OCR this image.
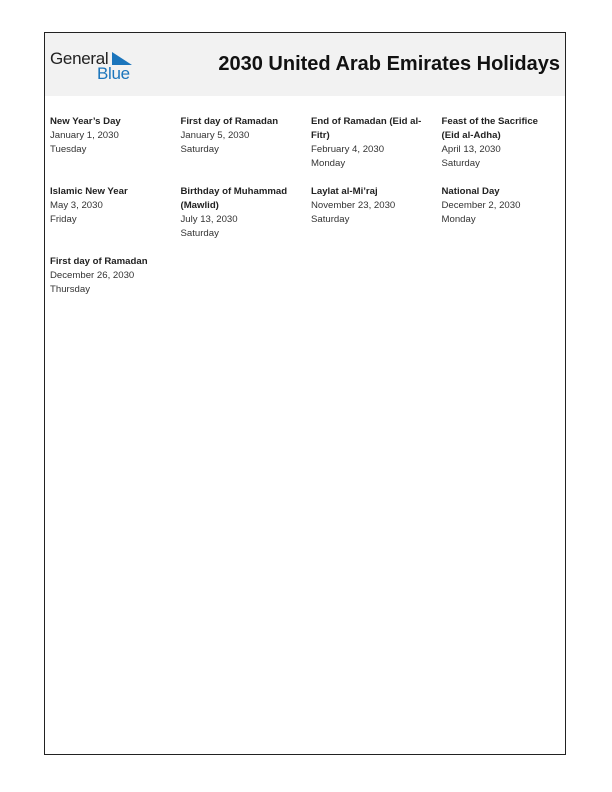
General
Blue	2030 United Arab Emirates Holidays
New Year’s Day
January 1, 2030
Tuesday
First day of Ramadan
January 5, 2030
Saturday
End of Ramadan (Eid al-Fitr)
February 4, 2030
Monday
Feast of the Sacrifice (Eid al-Adha)
April 13, 2030
Saturday
Islamic New Year
May 3, 2030
Friday
Birthday of Muhammad (Mawlid)
July 13, 2030
Saturday
Laylat al-Mi’raj
November 23, 2030
Saturday
National Day
December 2, 2030
Monday
First day of Ramadan
December 26, 2030
Thursday
